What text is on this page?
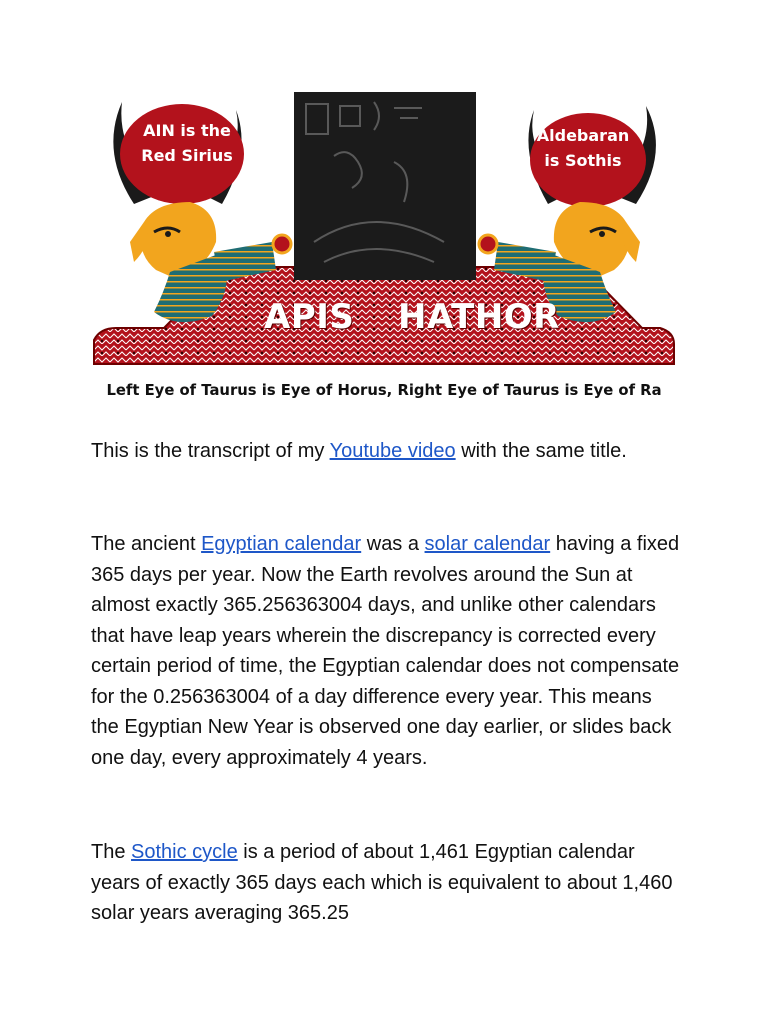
AIN is the
Red Sirius
Aldebaran
is Sothis
APIS HATHOR
Left Eye of Taurus is Eye of Horus, Right Eye of Taurus is Eye of Ra
This is the transcript of my Youtube video with the same title.
The ancient Egyptian calendar was a solar calendar having a fixed 365 days per year. Now the Earth revolves around the Sun at almost exactly 365.256363004 days, and unlike other calendars that have leap years wherein the discrepancy is corrected every certain period of time, the Egyptian calendar does not compensate for the 0.256363004 of a day difference every year. This means the Egyptian New Year is observed one day earlier, or slides back one day, every approximately 4 years.
The Sothic cycle is a period of about 1,461 Egyptian calendar years of exactly 365 days each which is equivalent to about 1,460 solar years averaging 365.25
